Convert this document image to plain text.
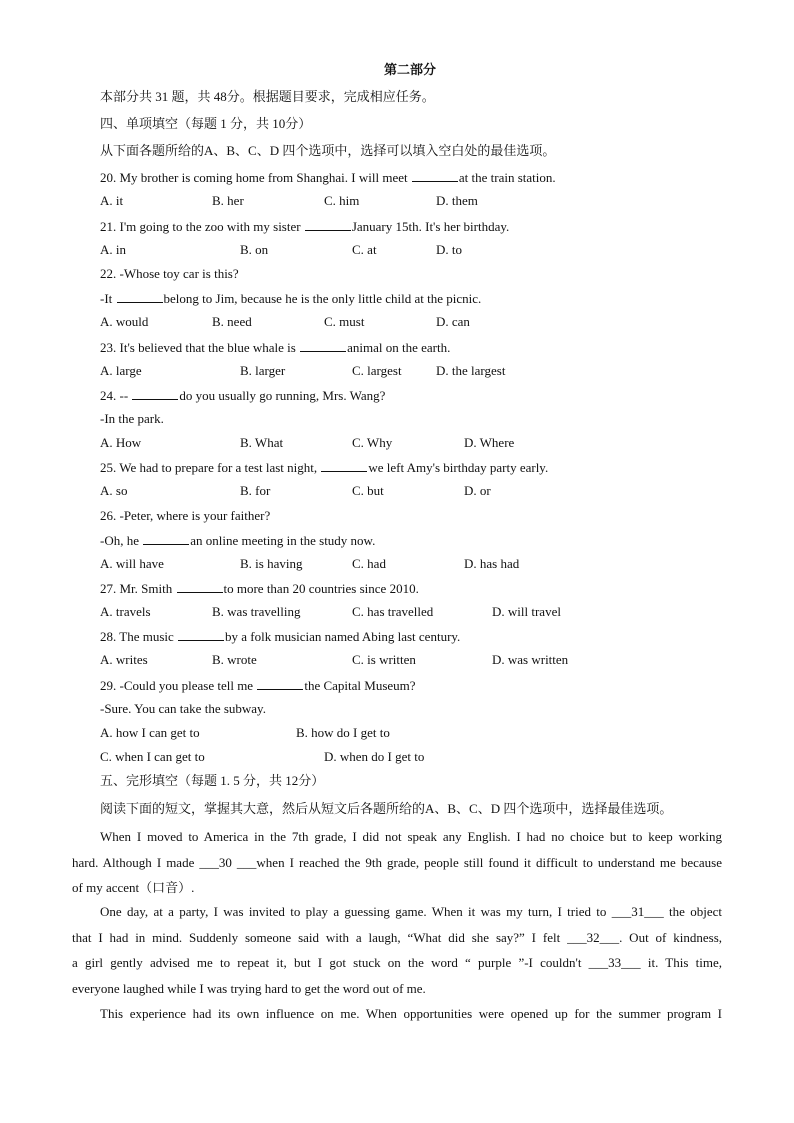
第二部分
本部分共 31 题，共 48分。根据题目要求，完成相应任务。
四、单项填空（每题 1 分，共 10分）
从下面各题所给的A、B、C、D 四个选项中，选择可以填入空白处的最佳选项。
20. My brother is coming home from Shanghai. I will meet	at the train station.
A. it	B. her	C. him	D. them
21. I'm going to the zoo with my sister	January 15th. It's her birthday.
A. in	B. on	C. at	D. to
22. -Whose toy car is this?
-It	belong to Jim, because he is the only little child at the picnic.
A. would	B. need	C. must	D. can
23. It's believed that the blue whale is	animal on the earth.
A. large	B. larger	C. largest	D. the largest
24. --	do you usually go running, Mrs. Wang?
-In the park.
A. How	B. What	C. Why	D. Where
25. We had to prepare for a test last night,	we left Amy's birthday party early.
A. so	B. for	C. but	D. or
26. -Peter, where is your faither?
-Oh, he	an online meeting in the study now.
A. will have	B. is having	C. had	D. has had
27. Mr. Smith	to more than 20 countries since 2010.
A. travels	B. was travelling	C. has travelled	D. will travel
28. The music	by a folk musician named Abing last century.
A. writes	B. wrote	C. is written	D. was written
29. -Could you please tell me	the Capital Museum?
-Sure. You can take the subway.
A. how I can get to	B. how do I get to
C. when I can get to	D. when do I get to
五、完形填空（每题 1. 5 分，共 12分）
阅读下面的短文，掌握其大意，然后从短文后各题所给的A、B、C、D 四个选项中，选择最佳选项。
When I moved to America in the 7th grade, I did not speak any English. I had no choice but to keep working
hard. Although I made ___30 ___when I reached the 9th grade, people still found it difficult to understand me because
of my accent（口音）.
One day, at a party, I was invited to play a guessing game. When it was my turn, I tried to ___31___ the object
that I had in mind. Suddenly someone said with a laugh, “What did she say?” I felt ___32___. Out of kindness,
a girl gently advised me to repeat it, but I got stuck on the word “ purple ”-I couldn't ___33___ it. This time,
everyone laughed while I was trying hard to get the word out of me.
This experience had its own influence on me. When opportunities were opened up for the summer program I
